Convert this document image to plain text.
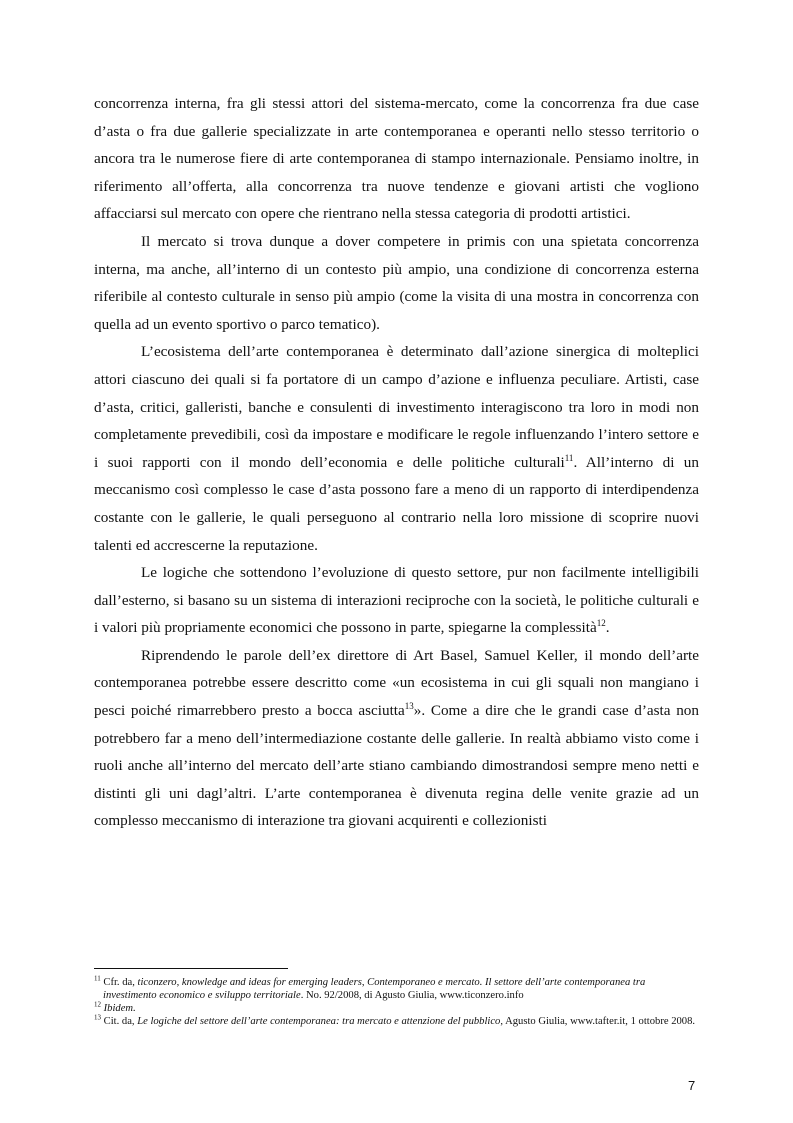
concorrenza interna, fra gli stessi attori del sistema-mercato, come la concorrenza fra due case d’asta o fra due gallerie specializzate in arte contemporanea e operanti nello stesso territorio o ancora tra le numerose fiere di arte contemporanea di stampo internazionale. Pensiamo inoltre, in riferimento all’offerta, alla concorrenza tra nuove tendenze e giovani artisti che vogliono affacciarsi sul mercato con opere che rientrano nella stessa categoria di prodotti artistici.

Il mercato si trova dunque a dover competere in primis con una spietata concorrenza interna, ma anche, all’interno di un contesto più ampio, una condizione di concorrenza esterna riferibile al contesto culturale in senso più ampio (come la visita di una mostra in concorrenza con quella ad un evento sportivo o parco tematico).

L’ecosistema dell’arte contemporanea è determinato dall’azione sinergica di molteplici attori ciascuno dei quali si fa portatore di un campo d’azione e influenza peculiare. Artisti, case d’asta, critici, galleristi, banche e consulenti di investimento interagiscono tra loro in modi non completamente prevedibili, così da impostare e modificare le regole influenzando l’intero settore e i suoi rapporti con il mondo dell’economia e delle politiche culturali$^{11}$. All’interno di un meccanismo così complesso le case d’asta possono fare a meno di un rapporto di interdipendenza costante con le gallerie, le quali perseguono al contrario nella loro missione di scoprire nuovi talenti ed accrescerne la reputazione.

Le logiche che sottendono l’evoluzione di questo settore, pur non facilmente intelligibili dall’esterno, si basano su un sistema di interazioni reciproche con la società, le politiche culturali e i valori più propriamente economici che possono in parte, spiegarne la complessità$^{12}$.

Riprendendo le parole dell’ex direttore di Art Basel, Samuel Keller, il mondo dell’arte contemporanea potrebbe essere descritto come «un ecosistema in cui gli squali non mangiano i pesci poiché rimarrebbero presto a bocca asciutta$^{13}$». Come a dire che le grandi case d’asta non potrebbero far a meno dell’intermediazione costante delle gallerie. In realtà abbiamo visto come i ruoli anche all’interno del mercato dell’arte stiano cambiando dimostrandosi sempre meno netti e distinti gli uni dagl’altri. L’arte contemporanea è divenuta regina delle venite grazie ad un complesso meccanismo di interazione tra giovani acquirenti e collezionisti

$^{11}$ Cfr. da, ticonzero, knowledge and ideas for emerging leaders, Contemporaneo e mercato. Il settore dell’arte contemporanea tra investimento economico e sviluppo territoriale. No. 92/2008, di Agusto Giulia, www.ticonzero.info

$^{12}$ Ibidem.

$^{13}$ Cit. da, Le logiche del settore dell’arte contemporanea: tra mercato e attenzione del pubblico, Agusto Giulia, www.tafter.it, 1 ottobre 2008.

7
